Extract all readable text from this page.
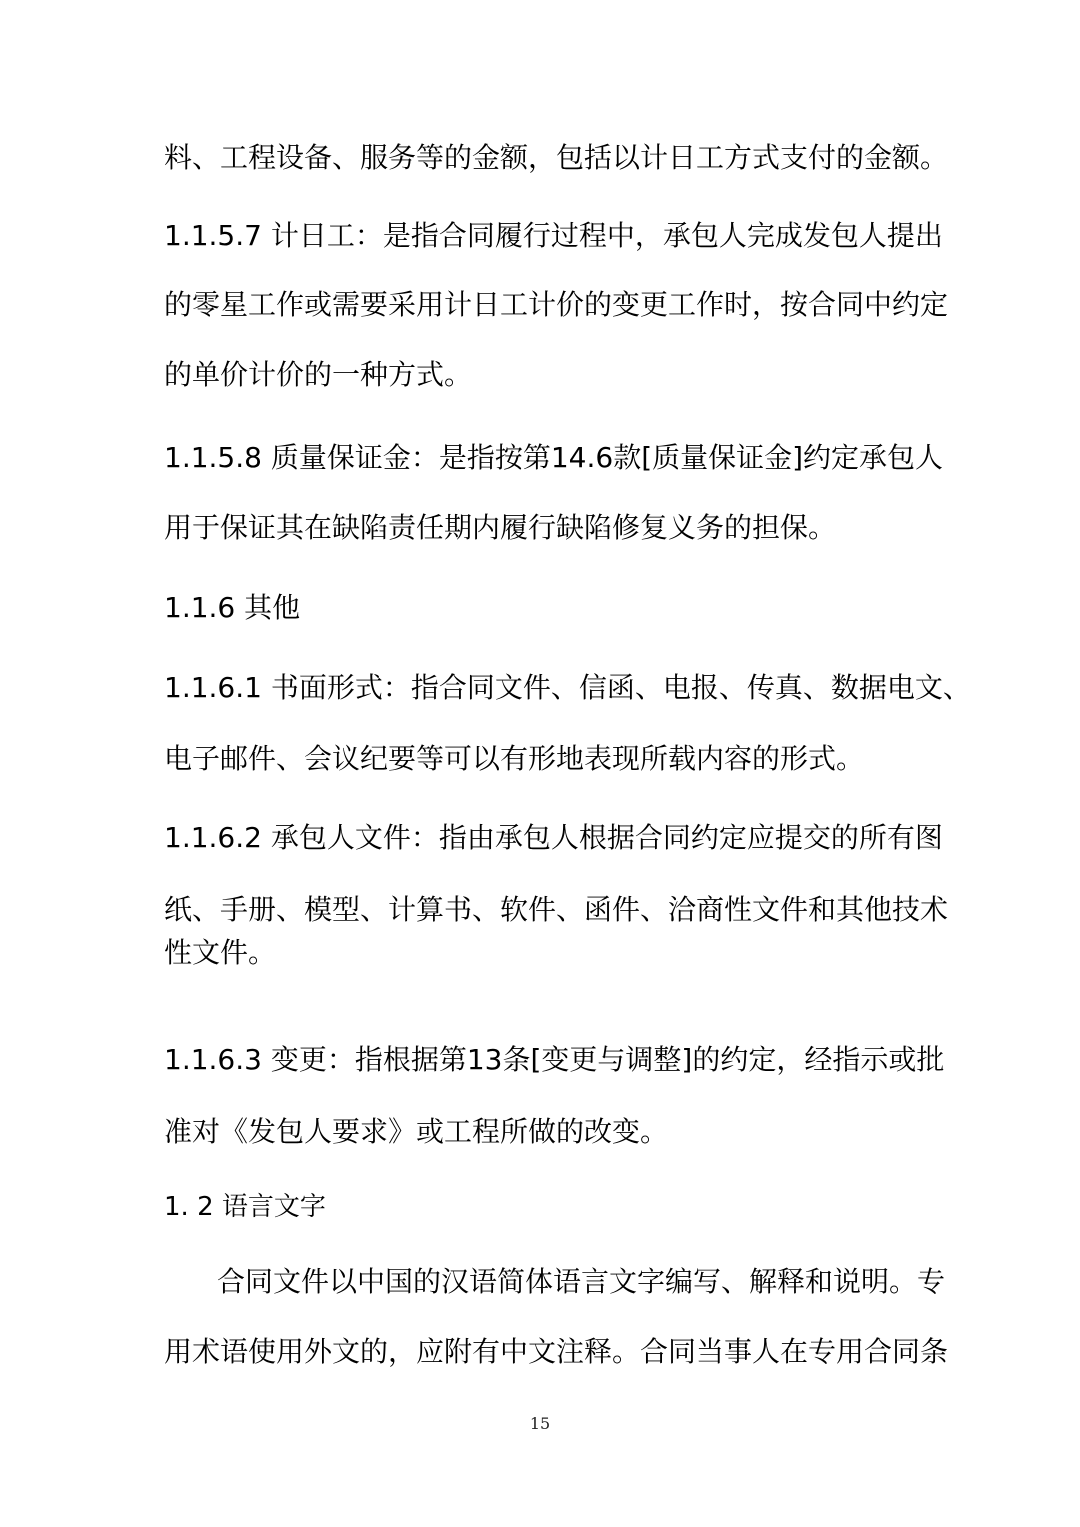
料、工程设备、服务等的金额，包括以计日工方式支付的金额。
1.1.5.7 计日工：是指合同履行过程中，承包人完成发包人提出
的零星工作或需要采用计日工计价的变更工作时，按合同中约定
的单价计价的一种方式。
1.1.5.8 质量保证金：是指按第14.6款[质量保证金]约定承包人
用于保证其在缺陷责任期内履行缺陷修复义务的担保。
1.1.6 其他
1.1.6.1 书面形式：指合同文件、信函、电报、传真、数据电文、
电子邮件、会议纪要等可以有形地表现所载内容的形式。
1.1.6.2 承包人文件：指由承包人根据合同约定应提交的所有图
纸、手册、模型、计算书、软件、函件、洽商性文件和其他技术
性文件。
1.1.6.3 变更：指根据第13条[变更与调整]的约定，经指示或批
准对《发包人要求》或工程所做的改变。
1. 2 语言文字
合同文件以中国的汉语简体语言文字编写、解释和说明。专
用术语使用外文的，应附有中文注释。合同当事人在专用合同条
15
